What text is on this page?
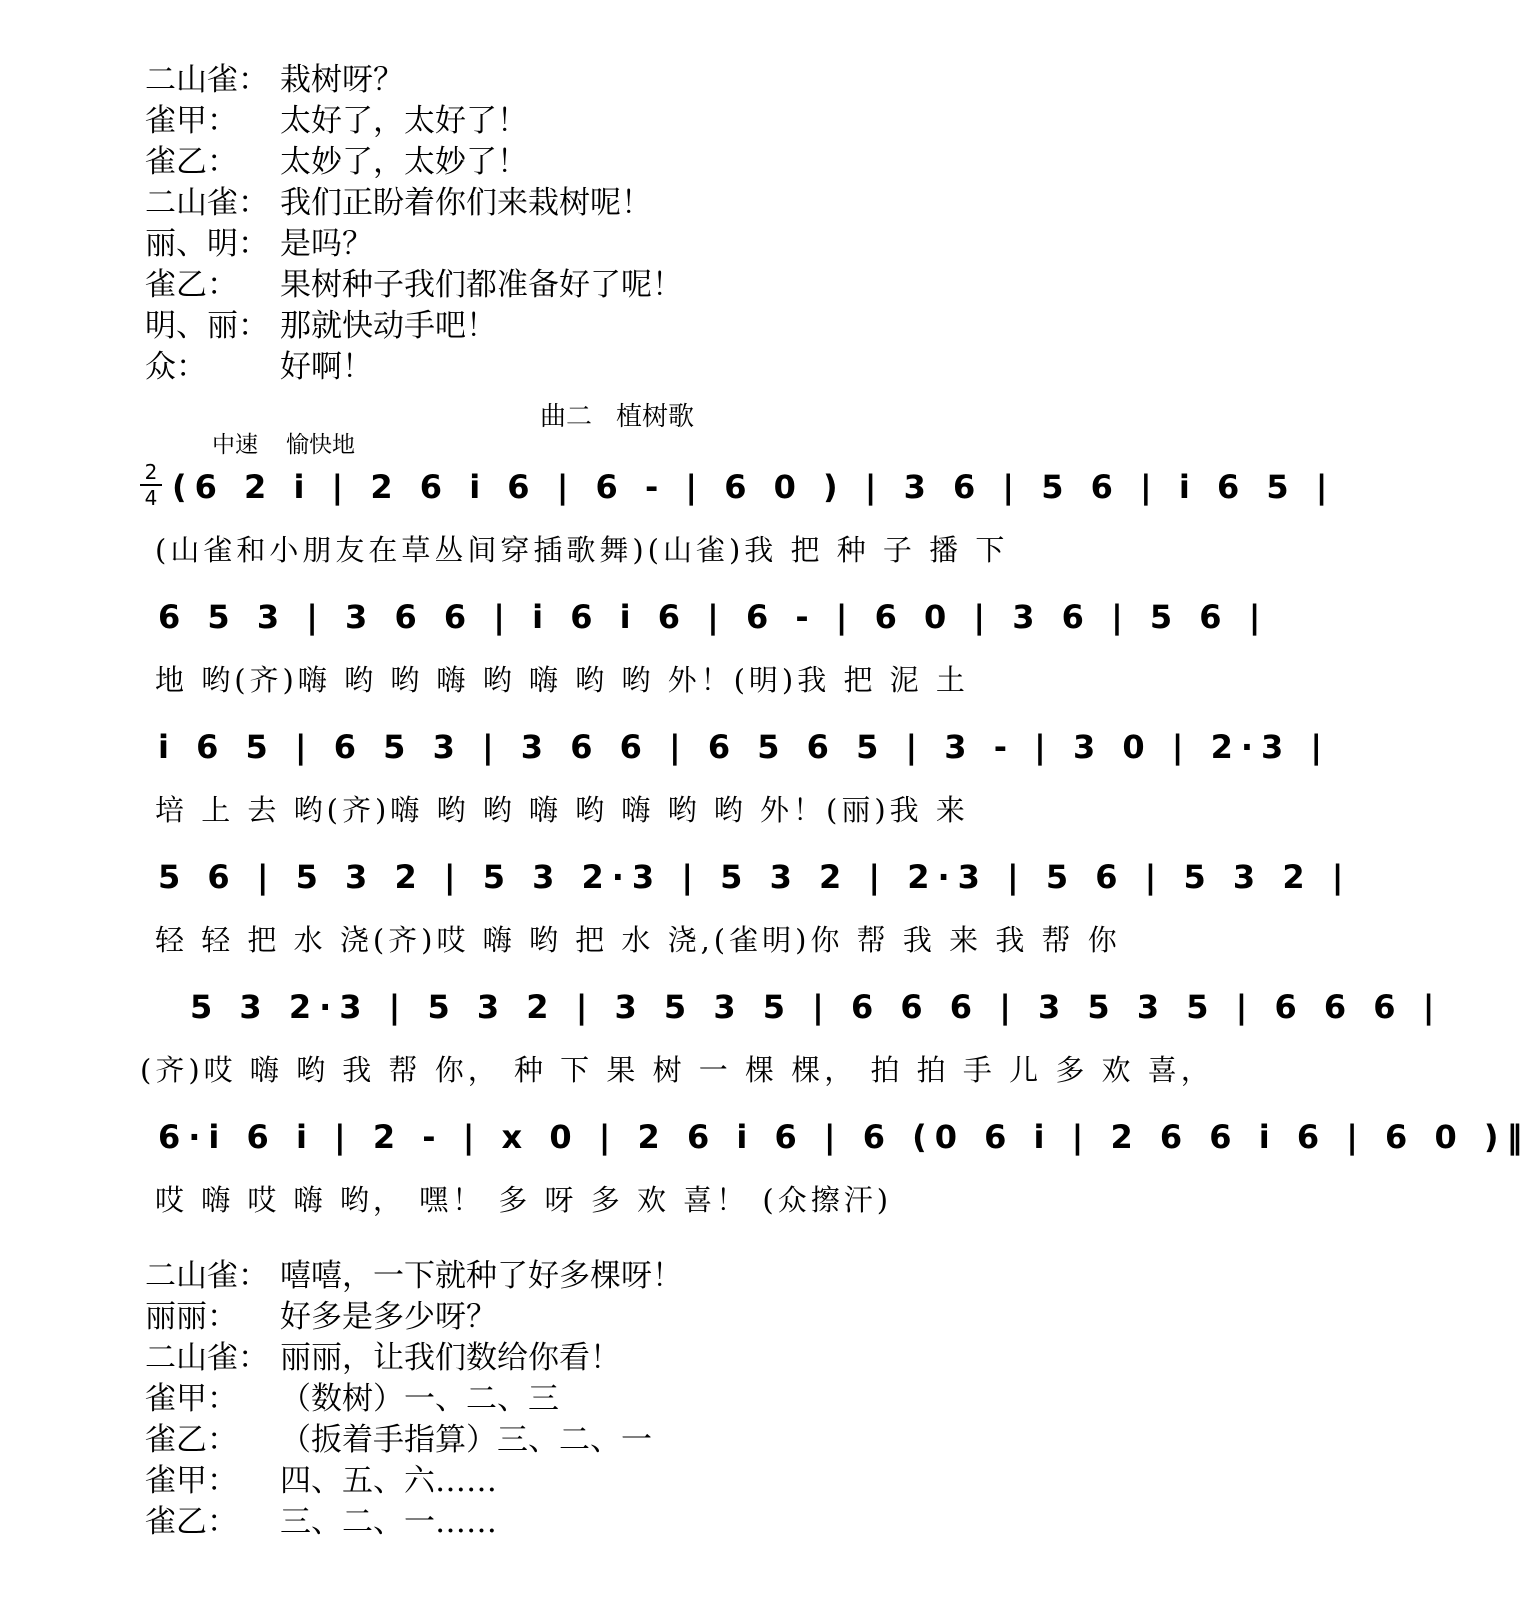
二山雀： 栽树呀？
雀甲： 太好了，太好了！
雀乙： 太妙了，太妙了！
二山雀： 我们正盼着你们来栽树呢！
丽、明： 是吗？
雀乙： 果树种子我们都准备好了呢！
明、丽： 那就快动手吧！
众： 好啊！
曲二 植树歌
中速 愉快地
2
4 (6 2 i | 2 6 i 6 | 6 - | 6 0 ) | 3 6 | 5 6 | i 6 5 |
(山雀和小朋友在草丛间穿插歌舞)(山雀)我 把 种 子 播 下
6 5 3 | 3 6 6 | i 6 i 6 | 6 - | 6 0 | 3 6 | 5 6 |
地 哟(齐)嗨 哟 哟 嗨 哟 嗨 哟 哟 外！(明)我 把 泥 土
i 6 5 | 6 5 3 | 3 6 6 | 6 5 6 5 | 3 - | 3 0 | 2·3 |
培 上 去 哟(齐)嗨 哟 哟 嗨 哟 嗨 哟 哟 外！(丽)我 来
5 6 | 5 3 2 | 5 3 2·3 | 5 3 2 | 2·3 | 5 6 | 5 3 2 |
轻 轻 把 水 浇(齐)哎 嗨 哟 把 水 浇,(雀明)你 帮 我 来 我 帮 你
5 3 2·3 | 5 3 2 | 3 5 3 5 | 6 6 6 | 3 5 3 5 | 6 6 6 |
(齐)哎 嗨 哟 我 帮 你， 种 下 果 树 一 棵 棵， 拍 拍 手 儿 多 欢 喜，
6·i 6 i | 2 - | x 0 | 2 6 i 6 | 6 (0 6 i | 2 6 6 i 6 | 6 0 )‖
哎 嗨 哎 嗨 哟， 嘿！ 多 呀 多 欢 喜！ (众擦汗)
二山雀： 嘻嘻，一下就种了好多棵呀！
丽丽： 好多是多少呀？
二山雀： 丽丽，让我们数给你看！
雀甲： （数树）一、二、三
雀乙： （扳着手指算）三、二、一
雀甲： 四、五、六……
雀乙： 三、二、一……
